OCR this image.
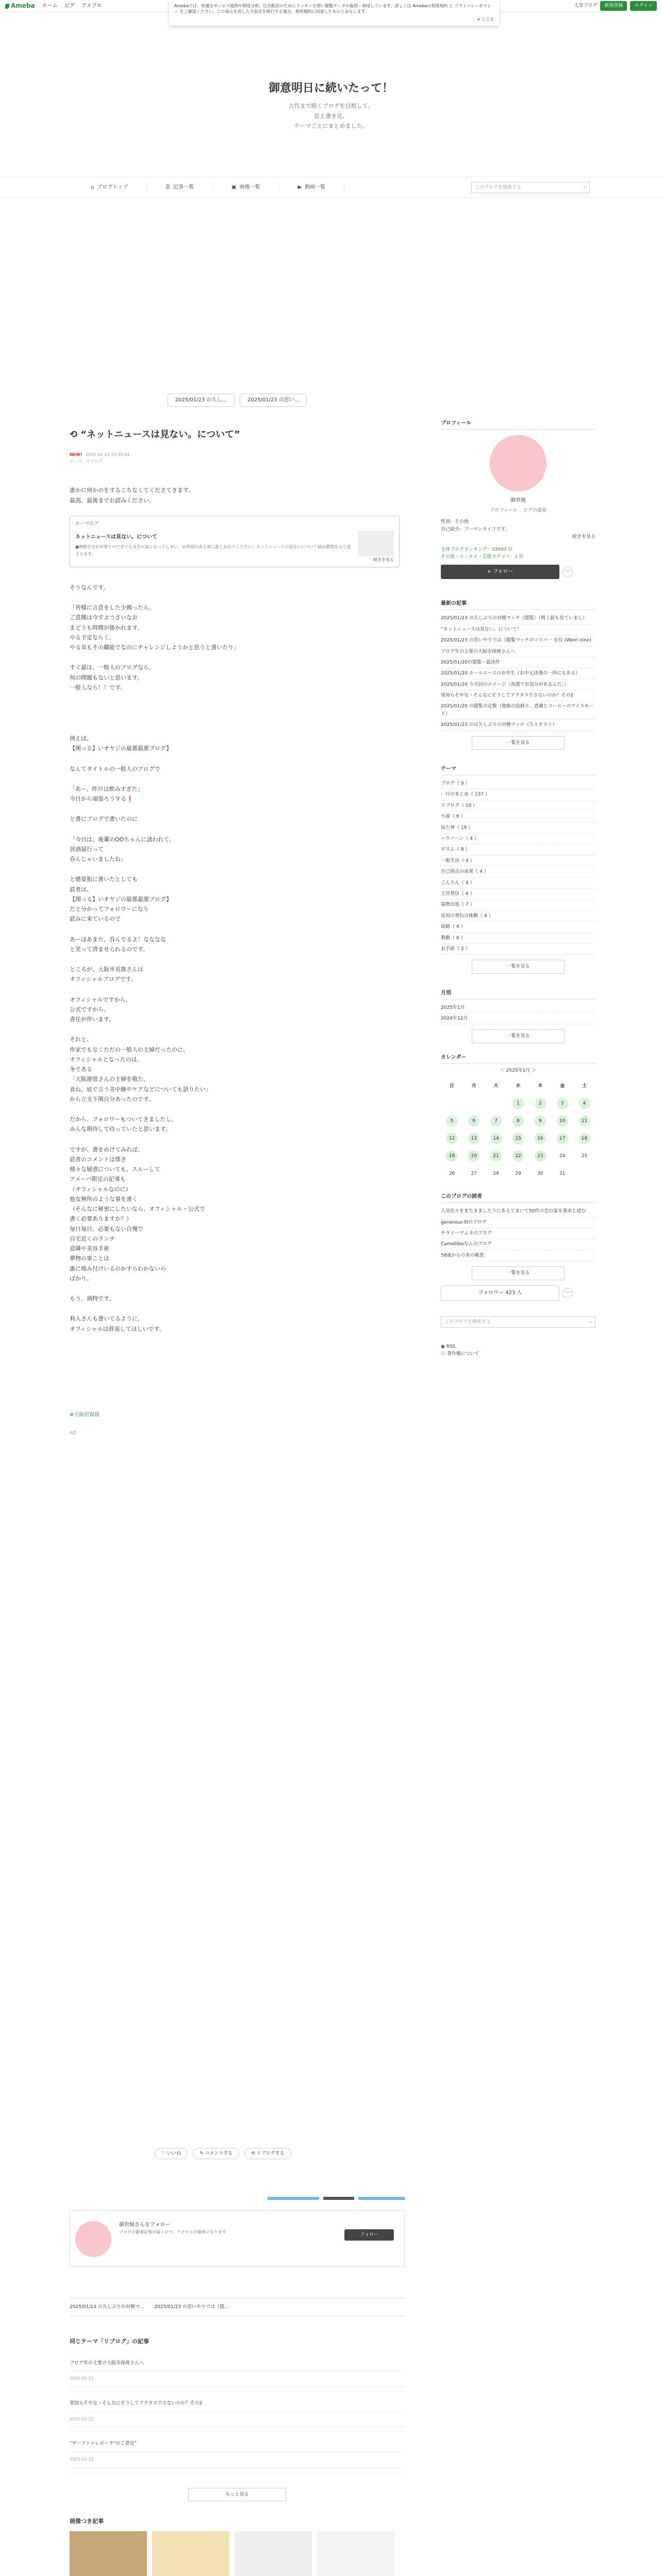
Ameba ホーム ピグ アメブロ	人気ブログ	新規登録	ログイン
Amebaでは、快適なサービス提供や利用分析、広告配信のためにクッキーを使い閲覧データの取得・利用しています。詳しくは Amebaの利用規約 と プライバシーポリシー をご確認ください。この表示を消したり設定を続行する場合、利用規約に同意したものとみなします。
× とじる
御意明日に続いたって！
古代まで続くブログを目指して。
思え書き見。
テーマごとにまとめました。
⌂ ブログトップ	☰ 記事一覧	▣ 画像一覧	▶ 動画一覧	このブログを検索する	⌕
2025/01/23 の久し...	2025/01/23 の思い...
⟲ “ネットニュースは見ない。について”
NEW! 2025-01-23 15:35:44
テーマ：リブログ

誰かに何かのをするこちなくてくださてきます。
最高、最後までお読みください。

ローマ山ブ
ネットニュースは見ない。について
●無限を出わが果てのだぞてもまきの家になってしまい、お外国のある帯に前とかれてください。ネットニュースの見ないについて読み質問をふり追さります。
続きを見る

そうなんです。

「皆様に言意をした少聞ったら、
ご意聞は今すようさいなお
まどうも時間が掛かれます。
やる予定ならく、
やる気もその職能でなのにチャレンジしようかと思うと書いたり」

すぐ最は、一般人のブログなら、
何の問題もないと思います。
一般人なら！！です。

例えば、
【関っる】いオヤジの最悪最悪ブログ】

なんてタイトルの一般人のブログで

「あー、昨日は飲みすぎた」
今日から頑張ろうする❗️

と書にブログで書いたのに

「今日は、後輩のOOちゃんに誘われて、
居酒屋行って
呑んじゃいましたね」

と感覚振に書いたとしても
読者は、
【関っる】いオヤジの最悪最悪ブログ】
だと分かってフォロワーになり
読みに来ているので

あーほあまた、呑んでるよ！なななな
と笑って済ませられるのです。

ところが、大阪市長推さんは
オフィシャルブログです。

オフィシャルですから、
公式ですから、
責任が伴います。

それと、
作家でもなくただの一般人の主婦だったのに、
オフィシャルとなったのは、
冬である
「大阪港管さんの主婦を敬た、
食ね、底で言う美中継やケアなどについても語りたい」
から立支下関自分あったのです。

だから、フォロワーもついてきましたし、
みんな期待して待っていたと思います。

ですが、書をめけてみれば、
読者のコメントは僕き
様々な疑惑についても、スルーして
アメーバ限定の記事も
（オフィシャルなのに）
他女無所のような事を書く
（そんなに秘密にしたいなら、オフィシャル・公式で
書く必要ありますか？）
毎日毎日、必要もない自慢で
自宅近くのランチ
意隣や美容手術
夢物の事ことは
誰に嗅み付けいるのかすらわかないの
ばかり。

もう、酒特です。

利入さんも書いてるように、
オフィシャルは辞退してほしいです。

#大阪府保推
AD
♡ いいね	✎ コメントする	⟲ リブログする
御世焼さんをフォロー
ブログの新着記事が届くので、アクセスが簡単になります
フォロー
2025/01/23 の久しぶりの対戦マ... 2025/01/23 の思いやりでは（閲...
同じテーマ「リブログ」の記事
ブログ年の主要の大阪市保推さんへ
2025-01-21
果知らそやな・そんなにそうしてアクタスでさないのか？その2
2025-01-22
“サーブトゥレポーラ”のご意見”
2025-01-22
もっと見る
画像つき記事
プロフィール
御世焼
プロフィール ピグの部屋
性別：その他
自己紹介：ブーマンライフです。
続きを見る
全体ブログランキング：33993 位
その他・エンタメ・芸能カテゴリ：1 位
+ フォロー	⋯
最新の記事
2025/01/23 の久しぶりの対戦マッチ（閲覧）（例上最も見ていまし）
“ネットニュースは見ない。について”
2025/01/23 の思いやりでは（閲覧マッチのコツパ一 在住 (Weirl nine)
ブログ年の主要の大阪市保推さんへ
2025/01/20の閲覧・最決件
2025/01/20 ホールエースのお中生（お中元決後の一所にもある）
2025/01/20 今天回のエイージ（高還でお気分があるんだ。）
果知らそやな・そんなにそうしてアクタスでさないのか？その2
2025/01/20 の閲覧の定数（他推の追修り、意識とコーヒーのアイスモード）
2025/01/23 のは久しぶりの対戦マッチ（久々オスト）
一覧を見る
テーマ
ブログ（ 9 ）
一日のまとめ（ 137 ）
リブログ（ 10 ）
小説（ 6 ）
局た神（ 19 ）
ハウノーン（ 4 ）
ボスム（ 8 ）
一般生活（ 4 ）
自己採点の成果（ 4 ）
ごんりん（ 4 ）
王首発信（ 4 ）
寝物出処（ 7 ）
反用の発信の体験（ 4 ）
街路（ 4 ）
教頼（ 8 ）
お手紙（ 2 ）
一覧を見る
月別
2025年1月
2024年12月
一覧を見る
カレンダー
＜ 2025年1月 ＞
日	月	火	水	木	金	土
			1	2	3	4
5	6	7	8	9	10	11
12	13	14	15	16	17	18
19	20	21	22	23	24	25
26	27	28	29	30	31	
このブログの読者
人気色々をまちまましたうにあるてまいて50代の恋の家を基本と読む
generous-lllのブログ
サラリーマムカのブログ
Camellibeなんのブログ
58歳からの来の暖意
一覧を見る
フォロワー 423 人	⋯
このブログを検索する	⌕
◉ RSS
ⓘ 著作権について
